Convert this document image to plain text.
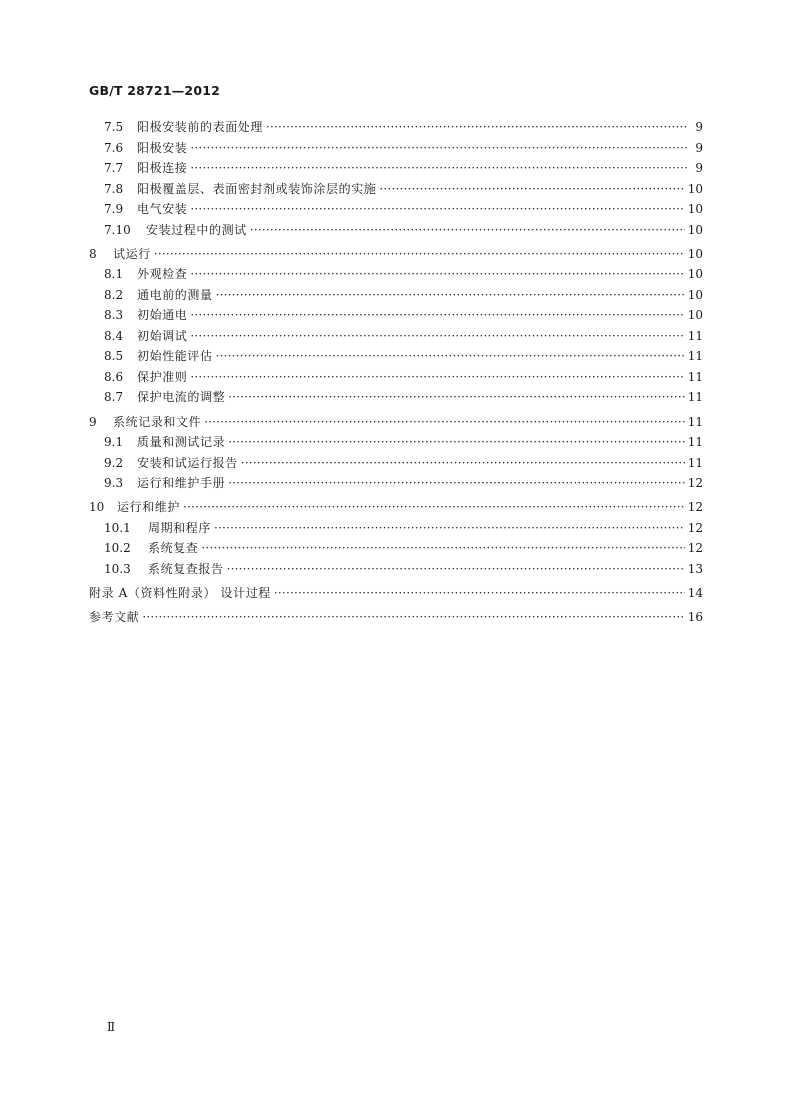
GB/T 28721—2012
7.5	阳极安装前的表面处理 ·····	9
7.6	阳极安装 ·····	9
7.7	阳极连接 ·····	9
7.8	阳极覆盖层、表面密封剂或装饰涂层的实施 ·····	10
7.9	电气安装 ·····	10
7.10	安装过程中的测试 ·····	10
8	试运行 ·····	10
8.1	外观检查 ·····	10
8.2	通电前的测量 ·····	10
8.3	初始通电 ·····	10
8.4	初始调试 ·····	11
8.5	初始性能评估 ·····	11
8.6	保护准则 ·····	11
8.7	保护电流的调整 ·····	11
9	系统记录和文件 ·····	11
9.1	质量和测试记录 ·····	11
9.2	安装和试运行报告 ·····	11
9.3	运行和维护手册 ·····	12
10	运行和维护 ·····	12
10.1	周期和程序 ·····	12
10.2	系统复查 ·····	12
10.3	系统复查报告 ·····	13
附录 A（资料性附录） 设计过程 ·····	14
参考文献 ·····	16
Ⅱ
